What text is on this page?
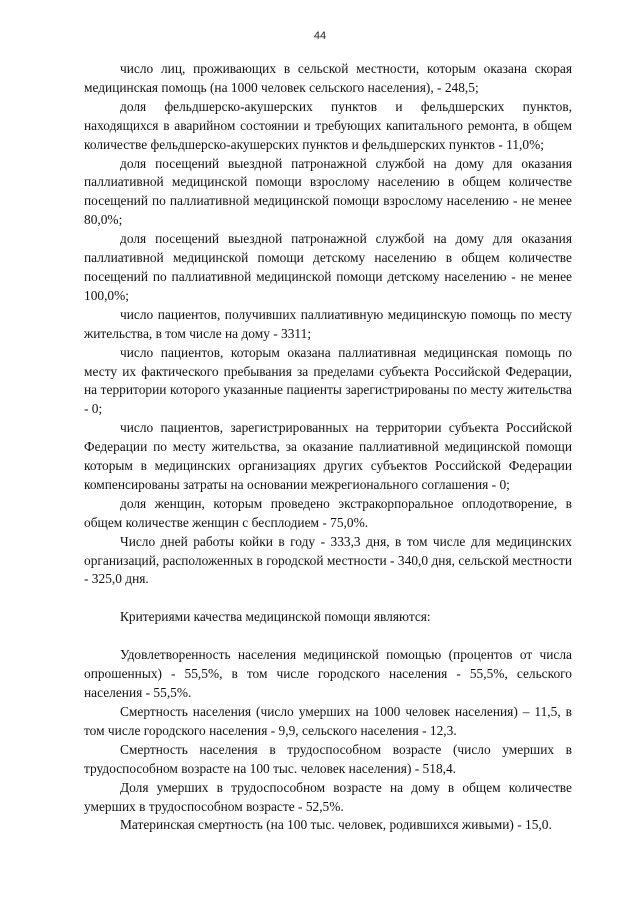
44

число лиц, проживающих в сельской местности, которым оказана скорая медицинская помощь (на 1000 человек сельского населения), - 248,5;

доля фельдшерско-акушерских пунктов и фельдшерских пунктов, находящихся в аварийном состоянии и требующих капитального ремонта, в общем количестве фельдшерско-акушерских пунктов и фельдшерских пунктов - 11,0%;

доля посещений выездной патронажной службой на дому для оказания паллиативной медицинской помощи взрослому населению в общем количестве посещений по паллиативной медицинской помощи взрослому населению - не менее 80,0%;

доля посещений выездной патронажной службой на дому для оказания паллиативной медицинской помощи детскому населению в общем количестве посещений по паллиативной медицинской помощи детскому населению - не менее 100,0%;

число пациентов, получивших паллиативную медицинскую помощь по месту жительства, в том числе на дому - 3311;

число пациентов, которым оказана паллиативная медицинская помощь по месту их фактического пребывания за пределами субъекта Российской Федерации, на территории которого указанные пациенты зарегистрированы по месту жительства - 0;

число пациентов, зарегистрированных на территории субъекта Российской Федерации по месту жительства, за оказание паллиативной медицинской помощи которым в медицинских организациях других субъектов Российской Федерации компенсированы затраты на основании межрегионального соглашения - 0;

доля женщин, которым проведено экстракорпоральное оплодотворение, в общем количестве женщин с бесплодием - 75,0%.

Число дней работы койки в году - 333,3 дня, в том числе для медицинских организаций, расположенных в городской местности - 340,0 дня, сельской местности - 325,0 дня.

Критериями качества медицинской помощи являются:

Удовлетворенность населения медицинской помощью (процентов от числа опрошенных) - 55,5%, в том числе городского населения - 55,5%, сельского населения - 55,5%.

Смертность населения (число умерших на 1000 человек населения) – 11,5, в том числе городского населения - 9,9, сельского населения - 12,3.

Смертность населения в трудоспособном возрасте (число умерших в трудоспособном возрасте на 100 тыс. человек населения) - 518,4.

Доля умерших в трудоспособном возрасте на дому в общем количестве умерших в трудоспособном возрасте - 52,5%.

Материнская смертность (на 100 тыс. человек, родившихся живыми) - 15,0.
